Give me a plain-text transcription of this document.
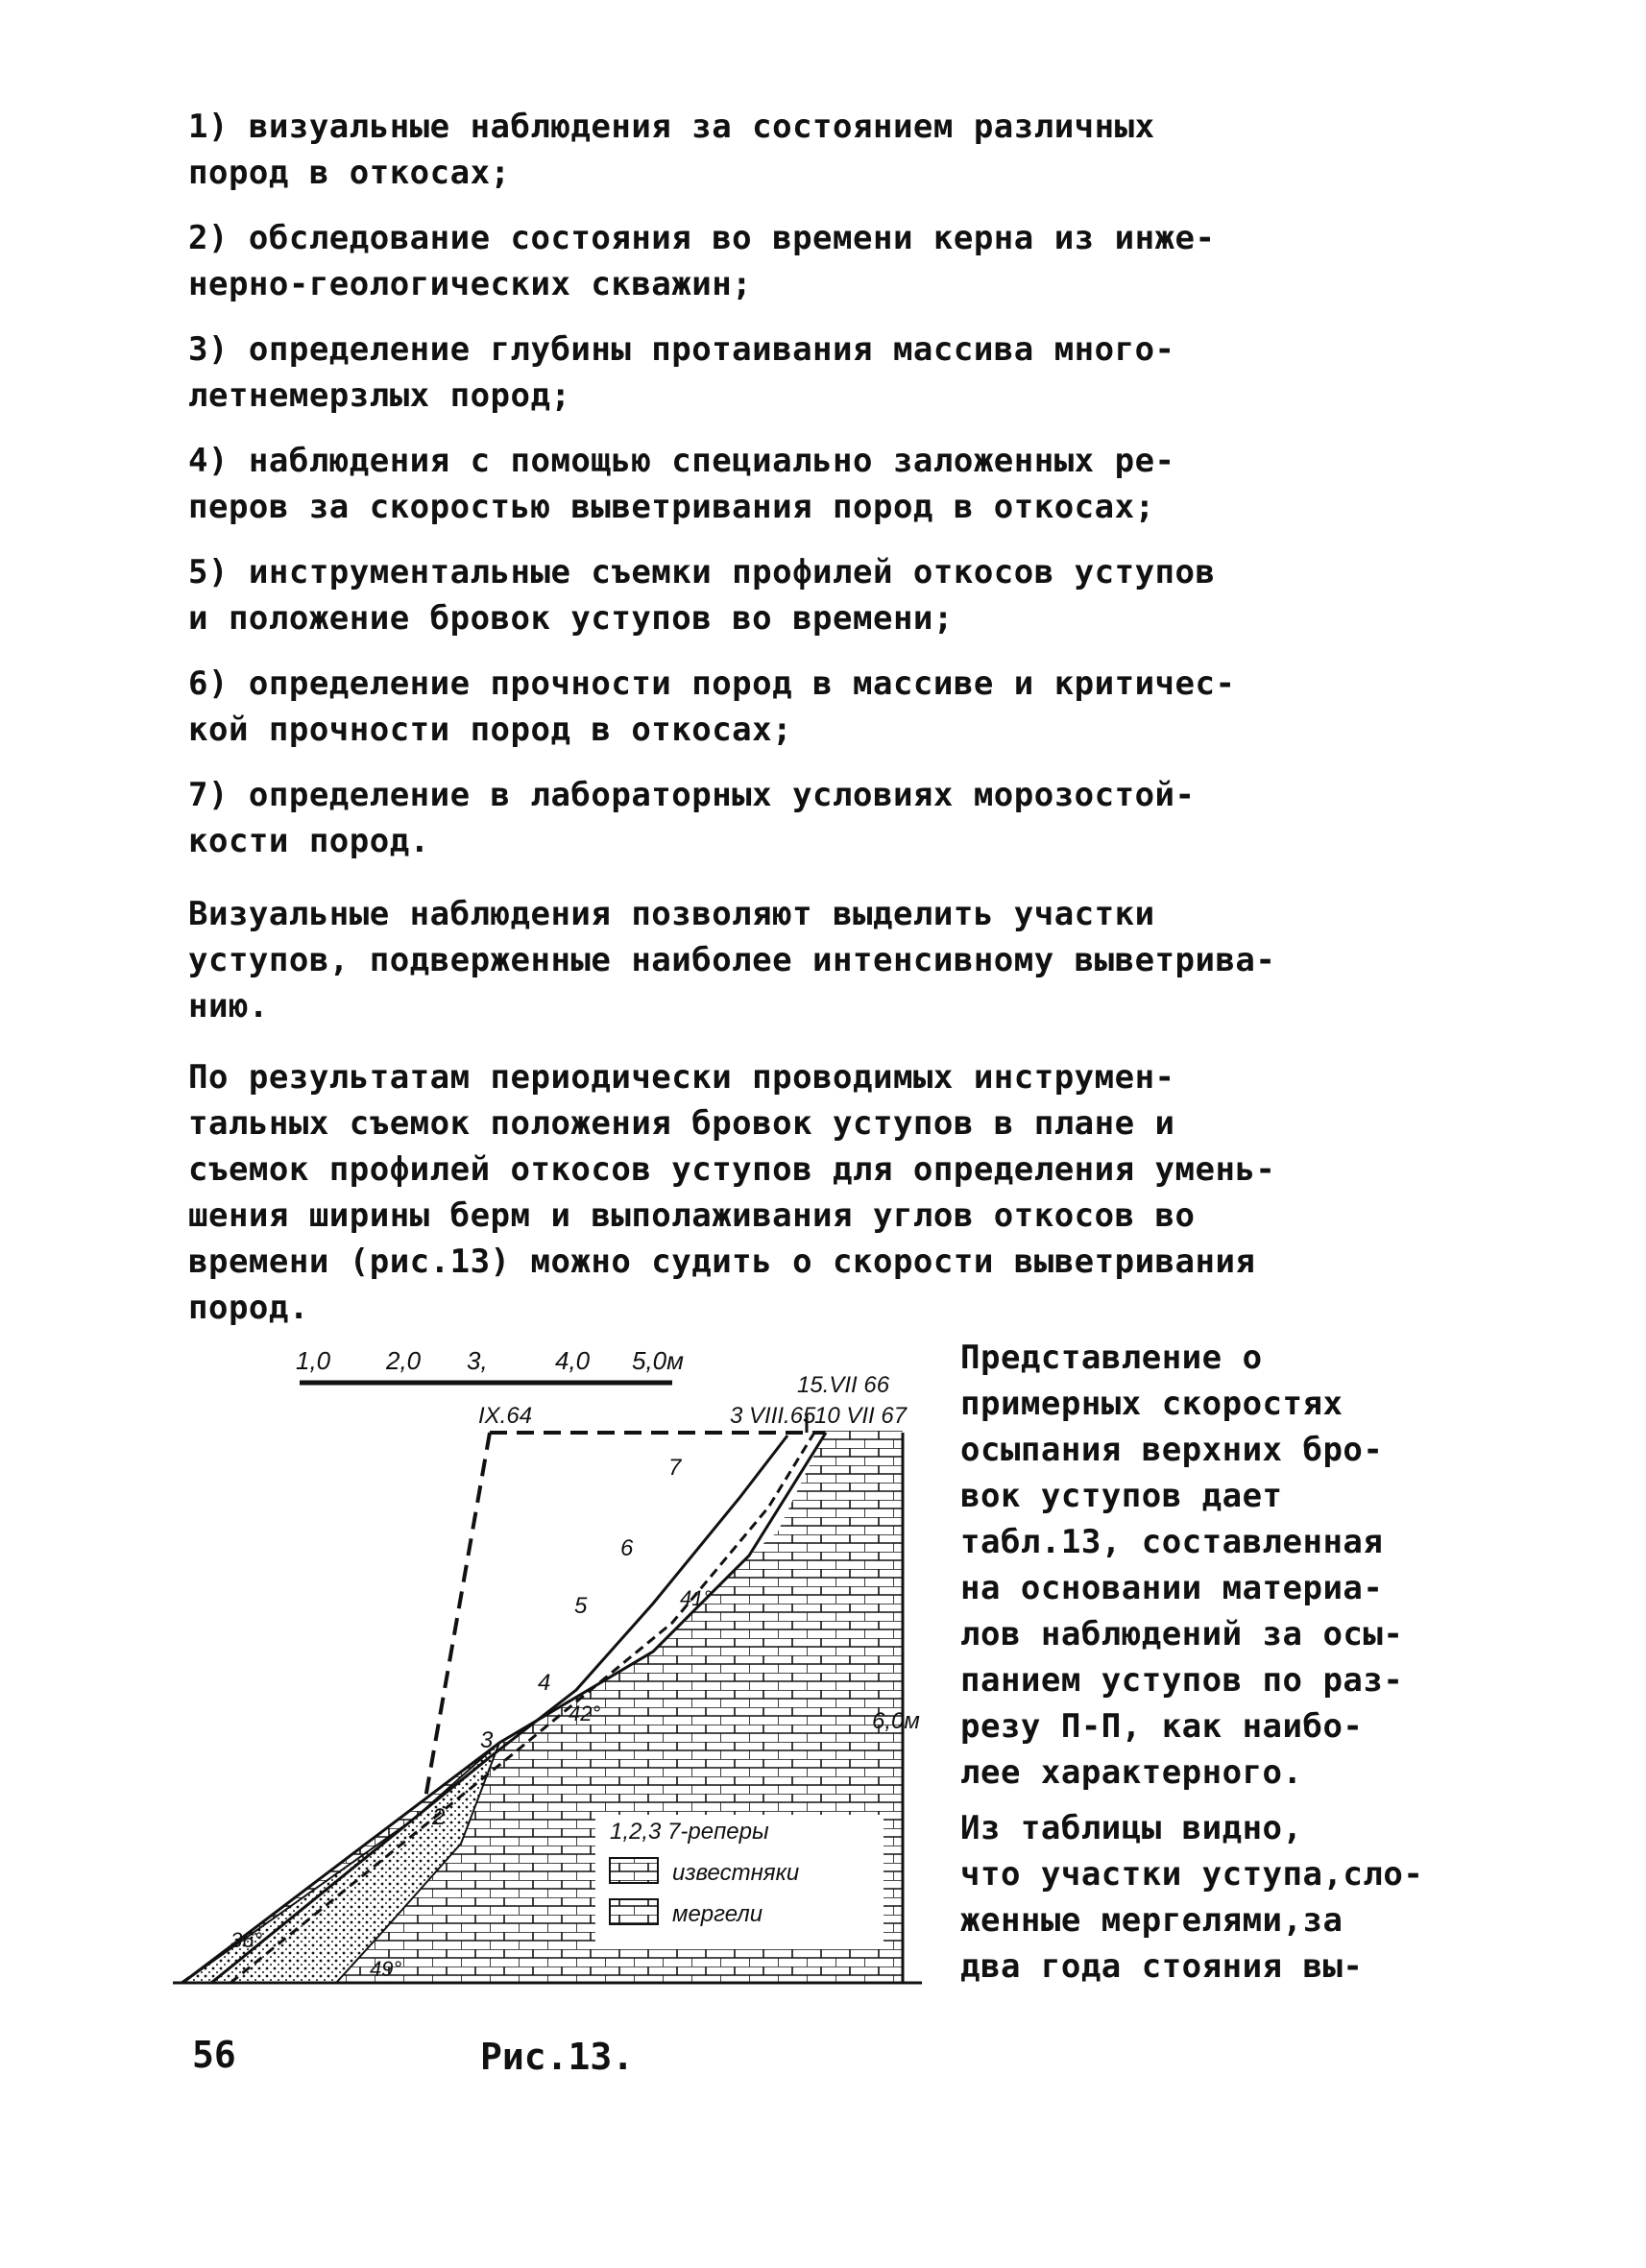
1) визуальные наблюдения за состоянием различных
пород в откосах;

2) обследование состояния во времени керна из инже-
нерно-геологических скважин;

3) определение глубины протаивания массива много-
летнемерзлых пород;

4) наблюдения с помощью специально заложенных ре-
перов за скоростью выветривания пород в откосах;

5) инструментальные съемки профилей откосов уступов
и положение бровок уступов во времени;

6) определение прочности пород в массиве и критичес-
кой прочности пород в откосах;

7) определение в лабораторных условиях морозостой-
кости пород.

Визуальные наблюдения позволяют выделить участки
уступов, подверженные наиболее интенсивному выветрива-
нию.

По результатам периодически проводимых инструмен-
тальных съемок положения бровок уступов в плане и
съемок профилей откосов уступов для определения умень-
шения ширины берм и выполаживания углов откосов во
времени (рис.13) можно судить о скорости выветривания
пород.

Представление о
примерных скоростях
осыпания верхних бро-
вок уступов дает
табл.13, составленная
на основании материа-
лов наблюдений за осы-
панием уступов по раз-
резу П-П, как наибо-
лее характерного.

Из таблицы видно,
что участки уступа,сло-
женные мергелями,за
два года стояния вы-

1,0 2,0 3,	4,0 5,0м
IX.64	3 VIII.65
15.VII 66
10 VII 67
6,0м
2
3
4
5
6
7
41°
42°
36°
49°
1,2,3 7-реперы
известняки
мергели
56	Рис.13.
